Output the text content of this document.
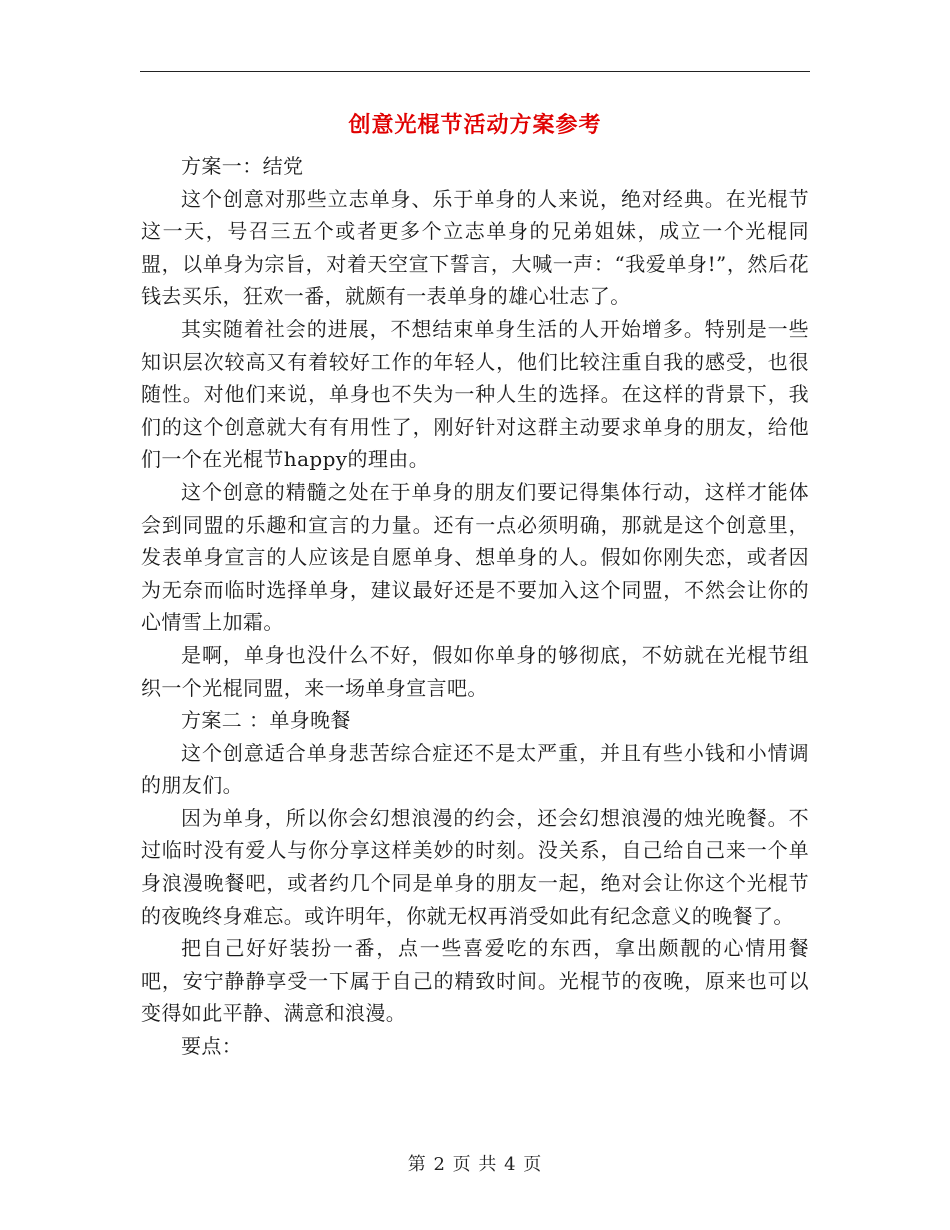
创意光棍节活动方案参考

方案一：结党

这个创意对那些立志单身、乐于单身的人来说，绝对经典。在光棍节这一天，号召三五个或者更多个立志单身的兄弟姐妹，成立一个光棍同盟，以单身为宗旨，对着天空宣下誓言，大喊一声：“我爱单身!”，然后花钱去买乐，狂欢一番，就颇有一表单身的雄心壮志了。

其实随着社会的进展，不想结束单身生活的人开始增多。特别是一些知识层次较高又有着较好工作的年轻人，他们比较注重自我的感受，也很随性。对他们来说，单身也不失为一种人生的选择。在这样的背景下，我们的这个创意就大有有用性了，刚好针对这群主动要求单身的朋友，给他们一个在光棍节happy的理由。

这个创意的精髓之处在于单身的朋友们要记得集体行动，这样才能体会到同盟的乐趣和宣言的力量。还有一点必须明确，那就是这个创意里，发表单身宣言的人应该是自愿单身、想单身的人。假如你刚失恋，或者因为无奈而临时选择单身，建议最好还是不要加入这个同盟，不然会让你的心情雪上加霜。

是啊，单身也没什么不好，假如你单身的够彻底，不妨就在光棍节组织一个光棍同盟，来一场单身宣言吧。

方案二 ：单身晚餐

这个创意适合单身悲苦综合症还不是太严重，并且有些小钱和小情调的朋友们。

因为单身，所以你会幻想浪漫的约会，还会幻想浪漫的烛光晚餐。不过临时没有爱人与你分享这样美妙的时刻。没关系，自己给自己来一个单身浪漫晚餐吧，或者约几个同是单身的朋友一起，绝对会让你这个光棍节的夜晚终身难忘。或许明年，你就无权再消受如此有纪念意义的晚餐了。

把自己好好装扮一番，点一些喜爱吃的东西，拿出颇靓的心情用餐吧，安宁静静享受一下属于自己的精致时间。光棍节的夜晚，原来也可以变得如此平静、满意和浪漫。

要点：

第 2 页 共 4 页
